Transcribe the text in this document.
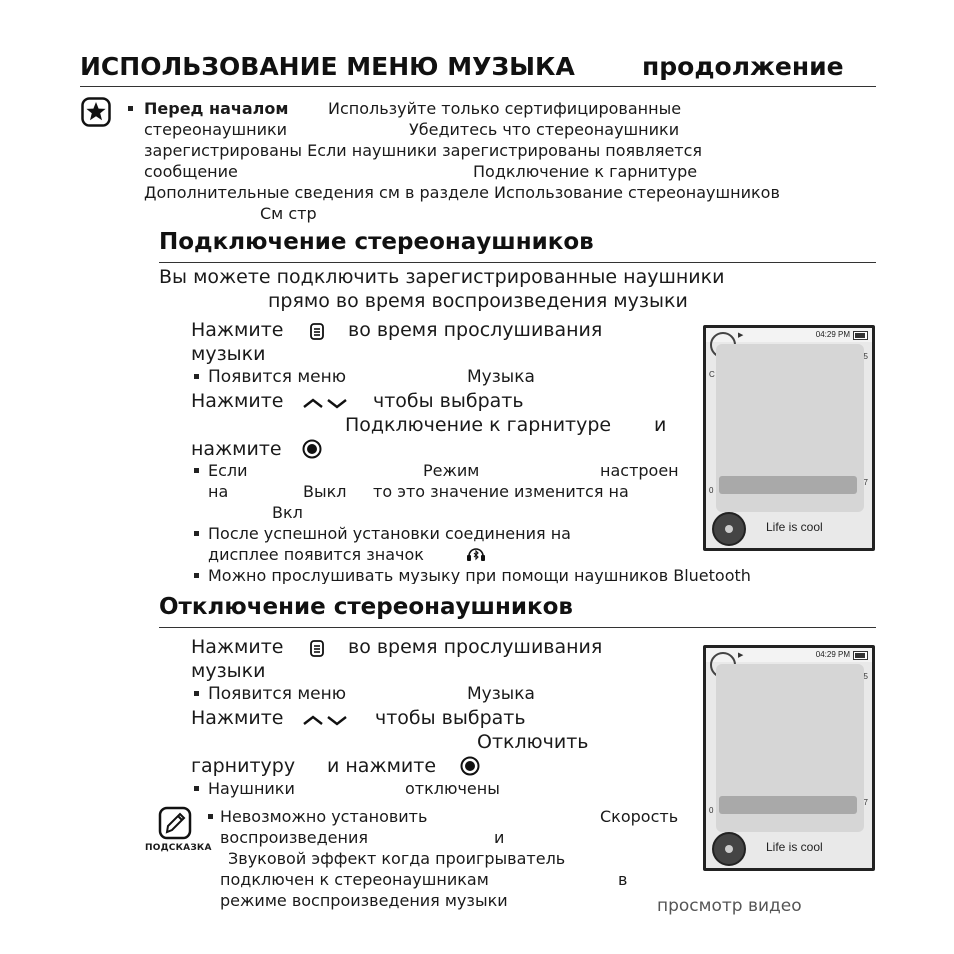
ИСПОЛЬЗОВАНИЕ МЕНЮ МУЗЫКА	продолжение
Перед началом Используйте только сертифицированные
стереонаушники	Убедитесь что стереонаушники
зарегистрированы Если наушники зарегистрированы появляется
сообщение	Подключение к гарнитуре
Дополнительные сведения см в разделе Использование стереонаушников
См стр
Подключение стереонаушников
Вы можете подключить зарегистрированные наушники
прямо во время воспроизведения музыки
Нажмите	во время прослушивания
музыки
Появится меню	Музыка
Нажмите	чтобы выбрать
Подключение к гарнитуре и
нажмите
Если	Режим	настроен
на	Выкл то это значение изменится на
Вкл
После успешной установки соединения на
дисплее появится значок
Можно прослушивать музыку при помощи наушников Bluetooth
▶	04:29 PM
5
7
C
0
Life is cool
Отключение стереонаушников
Нажмите	во время прослушивания
музыки
Появится меню	Музыка
Нажмите	чтобы выбрать
Отключить
гарнитуру и нажмите
Наушники	отключены
▶	04:29 PM
5
7
0
Life is cool
ПОДСКАЗКА
Невозможно установить	Скорость
воспроизведения	и
Звуковой эффект когда проигрыватель
подключен к стереонаушникам	в
режиме воспроизведения музыки	просмотр видео
